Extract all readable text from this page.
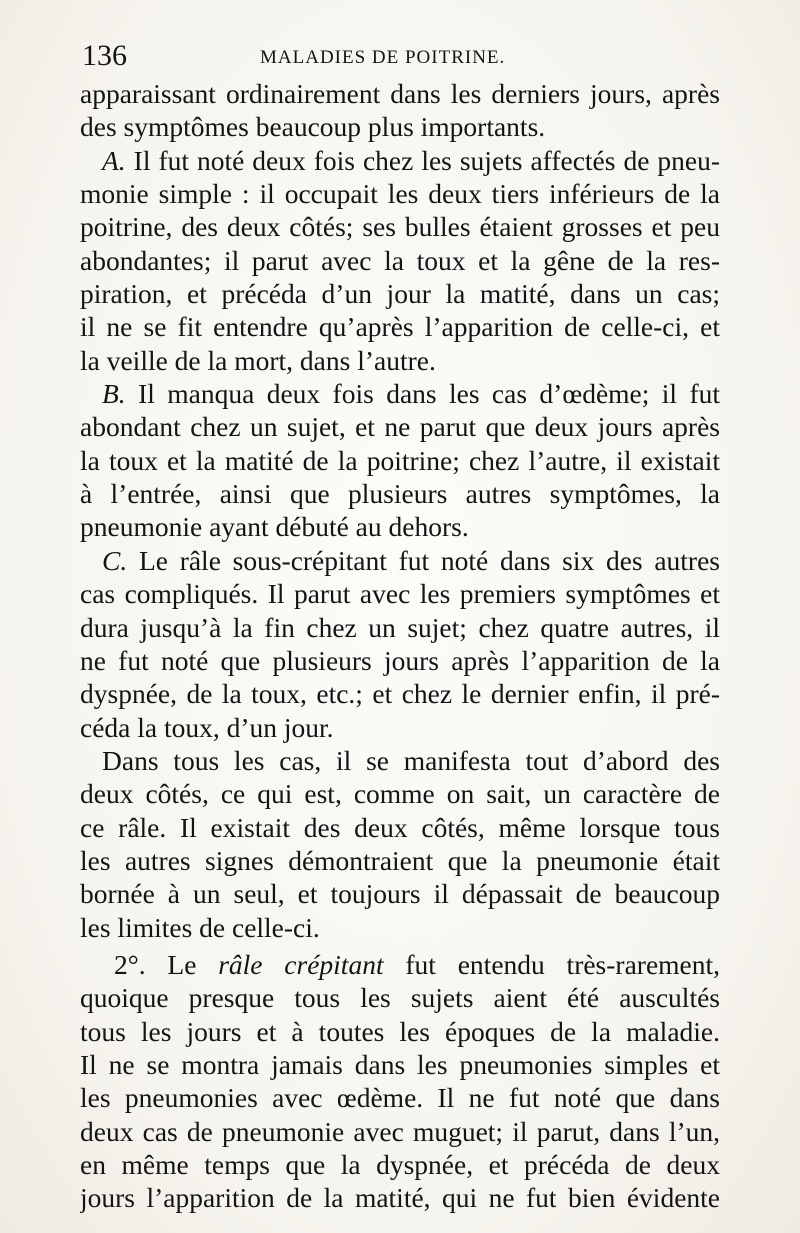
136	MALADIES DE POITRINE.
apparaissant ordinairement dans les derniers jours, après
des symptômes beaucoup plus importants.
A. Il fut noté deux fois chez les sujets affectés de pneu-
monie simple : il occupait les deux tiers inférieurs de la
poitrine, des deux côtés; ses bulles étaient grosses et peu
abondantes; il parut avec la toux et la gêne de la res-
piration, et précéda d’un jour la matité, dans un cas;
il ne se fit entendre qu’après l’apparition de celle-ci, et
la veille de la mort, dans l’autre.
B. Il manqua deux fois dans les cas d’œdème; il fut
abondant chez un sujet, et ne parut que deux jours après
la toux et la matité de la poitrine; chez l’autre, il existait
à l’entrée, ainsi que plusieurs autres symptômes, la
pneumonie ayant débuté au dehors.
C. Le râle sous-crépitant fut noté dans six des autres
cas compliqués. Il parut avec les premiers symptômes et
dura jusqu’à la fin chez un sujet; chez quatre autres, il
ne fut noté que plusieurs jours après l’apparition de la
dyspnée, de la toux, etc.; et chez le dernier enfin, il pré-
céda la toux, d’un jour.
Dans tous les cas, il se manifesta tout d’abord des
deux côtés, ce qui est, comme on sait, un caractère de
ce râle. Il existait des deux côtés, même lorsque tous
les autres signes démontraient que la pneumonie était
bornée à un seul, et toujours il dépassait de beaucoup
les limites de celle-ci.
2°. Le râle crépitant fut entendu très-rarement,
quoique presque tous les sujets aient été auscultés
tous les jours et à toutes les époques de la maladie.
Il ne se montra jamais dans les pneumonies simples et
les pneumonies avec œdème. Il ne fut noté que dans
deux cas de pneumonie avec muguet; il parut, dans l’un,
en même temps que la dyspnée, et précéda de deux
jours l’apparition de la matité, qui ne fut bien évidente
